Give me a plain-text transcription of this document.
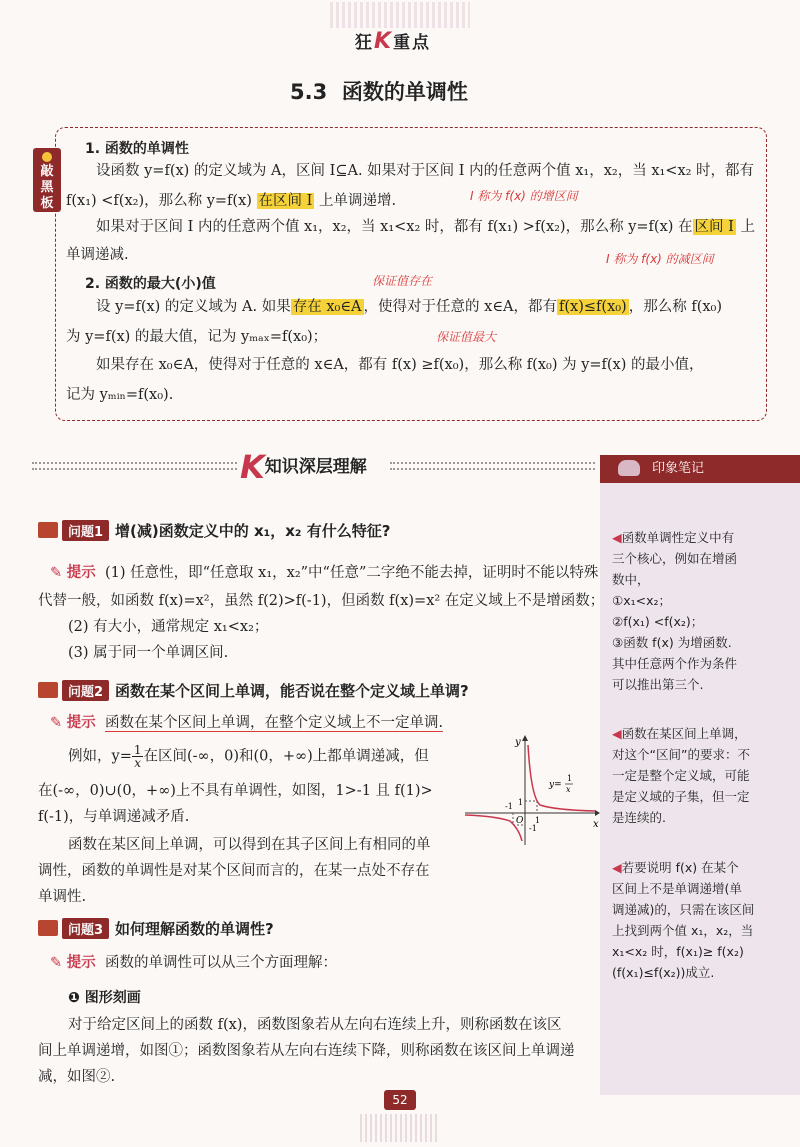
狂K重点
5.3  函数的单调性
敲黑板
1. 函数的单调性

设函数 y=f(x) 的定义域为 A，区间 I⊆A. 如果对于区间 I 内的任意两个值 x₁，x₂，当 x₁<x₂ 时，都有

f(x₁) <f(x₂)，那么称 y=f(x) 在区间 I 上单调递增.	I 称为 f(x) 的增区间

如果对于区间 I 内的任意两个值 x₁，x₂，当 x₁<x₂ 时，都有 f(x₁) >f(x₂)，那么称 y=f(x) 在 区间 I 上

单调递减.	I 称为 f(x) 的减区间
2. 函数的最大(小)值	保证值存在

设 y=f(x) 的定义域为 A. 如果 存在 x₀∈A ，使得对于任意的 x∈A，都有 f(x)≤f(x₀) ，那么称 f(x₀)

为 y=f(x) 的最大值，记为 yₘₐₓ=f(x₀)；	保证值最大

如果存在 x₀∈A，使得对于任意的 x∈A，都有 f(x) ≥f(x₀)，那么称 f(x₀) 为 y=f(x) 的最小值，

记为 yₘᵢₙ=f(x₀).

K知识深层理解	印象笔记

◀函数单调性定义中有

三个核心，例如在增函

数中，

①x₁<x₂；

②f(x₁) <f(x₂)；

③函数 f(x) 为增函数.

其中任意两个作为条件

可以推出第三个.

◀函数在某区间上单调，

对这个“区间”的要求：不

一定是整个定义域，可能

是定义域的子集，但一定

是连续的.

◀若要说明 f(x) 在某个

区间上不是单调递增(单

调递减)的，只需在该区间

上找到两个值 x₁，x₂，当

x₁<x₂ 时，f(x₁)≥ f(x₂)

(f(x₁)≤f(x₂))成立.

问题1 增(减)函数定义中的 x₁，x₂ 有什么特征?

✎ 提示 (1) 任意性，即“任意取 x₁，x₂”中“任意”二字绝不能去掉，证明时不能以特殊

代替一般，如函数 f(x)=x²，虽然 f(2)>f(-1)，但函数 f(x)=x² 在定义域上不是增函数；

(2) 有大小，通常规定 x₁<x₂；

(3) 属于同一个单调区间.

问题2 函数在某个区间上单调，能否说在整个定义域上单调?

✎ 提示 函数在某个区间上单调，在整个定义域上不一定单调.

例如，$y= \frac{1}{x}$ 在区间(-∞，0)和(0，+∞)上都单调递减，但

在(-∞，0)∪(0，+∞)上不具有单调性，如图，1>-1 且 f(1)>

f(-1)，与单调递减矛盾.

函数在某区间上单调，可以得到在其子区间上有相同的单

调性，函数的单调性是对某个区间而言的，在某一点处不存在

单调性.

y
x
O
-1 1
1
-1
y=
1
x
问题3 如何理解函数的单调性?

✎ 提示 函数的单调性可以从三个方面理解：

❶ 图形刻画

对于给定区间上的函数 f(x)，函数图象若从左向右连续上升，则称函数在该区

间上单调递增，如图①；函数图象若从左向右连续下降，则称函数在该区间上单调递

减，如图②.

52
